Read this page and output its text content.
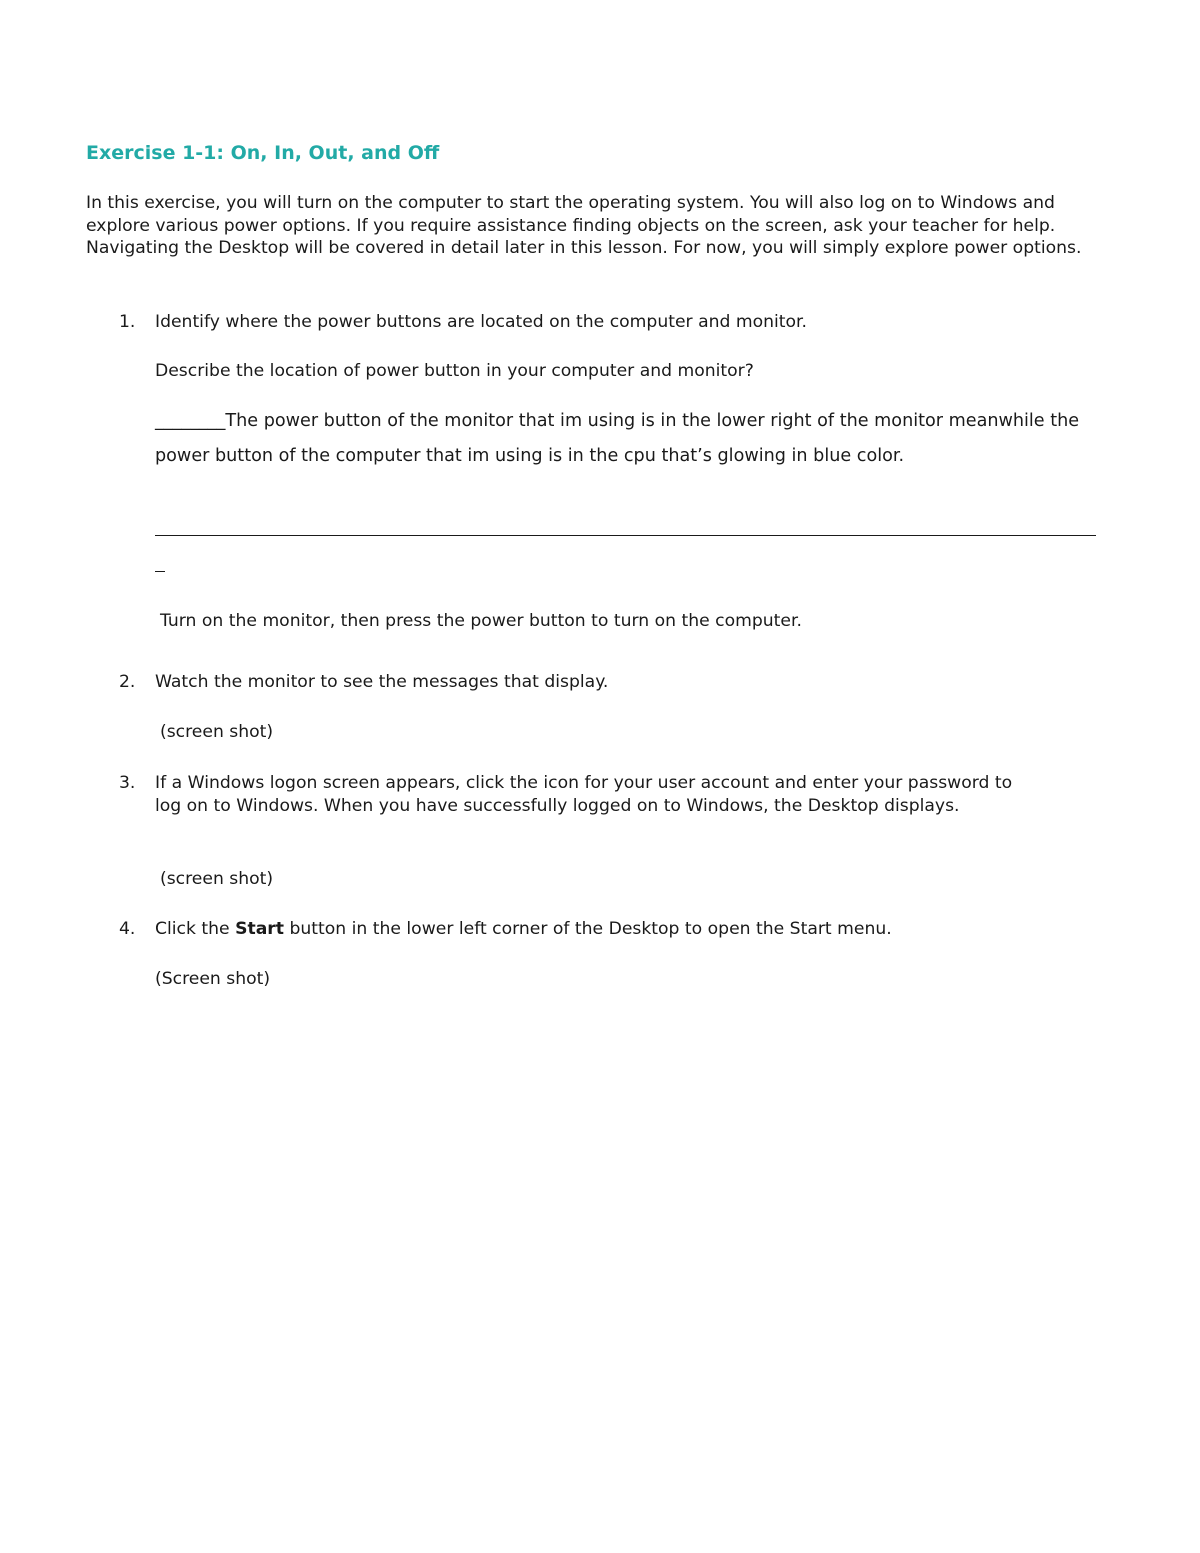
Exercise 1-1: On, In, Out, and Off

In this exercise, you will turn on the computer to start the operating system. You will also log on to Windows and explore various power options. If you require assistance finding objects on the screen, ask your teacher for help. Navigating the Desktop will be covered in detail later in this lesson. For now, you will simply explore power options.

1. Identify where the power buttons are located on the computer and monitor.
Describe the location of power button in your computer and monitor?

________The power button of the monitor that im using is in the lower right of the monitor meanwhile the power button of the computer that im using is in the cpu that’s glowing in blue color.

Turn on the monitor, then press the power button to turn on the computer.
2. Watch the monitor to see the messages that display.
(screen shot)
3. If a Windows logon screen appears, click the icon for your user account and enter your password to log on to Windows. When you have successfully logged on to Windows, the Desktop displays.

(screen shot)
4. Click the Start button in the lower left corner of the Desktop to open the Start menu.
(Screen shot)
